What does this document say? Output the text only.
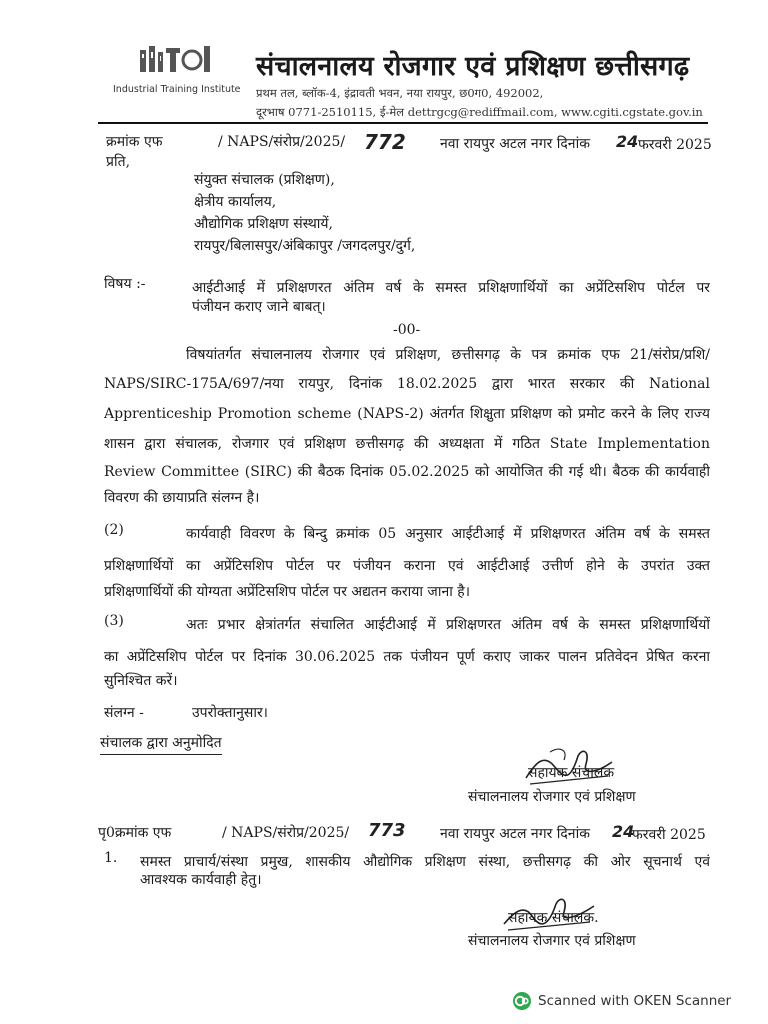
Industrial Training Institute
संचालनालय रोजगार एवं प्रशिक्षण छत्तीसगढ़
प्रथम तल, ब्लॉक-4, इंद्रावती भवन, नया रायपुर, छ0ग0, 492002,
दूरभाष 0771-2510115, ई-मेल dettrgcg@rediffmail.com, www.cgiti.cgstate.gov.in
क्रमांक एफ	/ NAPS/संरोप्र/2025/ 772 नवा रायपुर अटल नगर दिनांक 24 फरवरी 2025
प्रति,
संयुक्त संचालक (प्रशिक्षण),
क्षेत्रीय कार्यालय,
औद्योगिक प्रशिक्षण संस्थायें,
रायपुर/बिलासपुर/अंबिकापुर /जगदलपुर/दुर्ग,
विषय :-	आईटीआई में प्रशिक्षणरत अंतिम वर्ष के समस्त प्रशिक्षणार्थियों का अप्रेंटिसशिप पोर्टल पर
पंजीयन कराए जाने बाबत्।
-00-
विषयांतर्गत संचालनालय रोजगार एवं प्रशिक्षण, छत्तीसगढ़ के पत्र क्रमांक एफ 21/संरोप्र/प्रशि/
NAPS/SIRC-175A/697/नया रायपुर, दिनांक 18.02.2025 द्वारा भारत सरकार की National
Apprenticeship Promotion scheme (NAPS-2) अंतर्गत शिक्षुता प्रशिक्षण को प्रमोट करने के लिए राज्य
शासन द्वारा संचालक, रोजगार एवं प्रशिक्षण छत्तीसगढ़ की अध्यक्षता में गठित State Implementation
Review Committee (SIRC) की बैठक दिनांक 05.02.2025 को आयोजित की गई थी। बैठक की कार्यवाही
विवरण की छायाप्रति संलग्न है।
(2)	कार्यवाही विवरण के बिन्दु क्रमांक 05 अनुसार आईटीआई में प्रशिक्षणरत अंतिम वर्ष के समस्त
प्रशिक्षणार्थियों का अप्रेंटिसशिप पोर्टल पर पंजीयन कराना एवं आईटीआई उत्तीर्ण होने के उपरांत उक्त
प्रशिक्षणार्थियों की योग्यता अप्रेंटिसशिप पोर्टल पर अद्यतन कराया जाना है।
(3)	अतः प्रभार क्षेत्रांतर्गत संचालित आईटीआई में प्रशिक्षणरत अंतिम वर्ष के समस्त प्रशिक्षणार्थियों
का अप्रेंटिसशिप पोर्टल पर दिनांक 30.06.2025 तक पंजीयन पूर्ण कराए जाकर पालन प्रतिवेदन प्रेषित करना
सुनिश्चित करें।
संलग्न -	उपरोक्तानुसार।
संचालक द्वारा अनुमोदित
सहायक संचालक
संचालनालय रोजगार एवं प्रशिक्षण
पृ0क्रमांक एफ	/ NAPS/संरोप्र/2025/ 773 नवा रायपुर अटल नगर दिनांक 24
फरवरी 2025
1. समस्त प्राचार्य/संस्था प्रमुख, शासकीय औद्योगिक प्रशिक्षण संस्था, छत्तीसगढ़ की ओर सूचनार्थ एवं
आवश्यक कार्यवाही हेतु।
सहायक संचालक.
संचालनालय रोजगार एवं प्रशिक्षण
Scanned with OKEN Scanner
